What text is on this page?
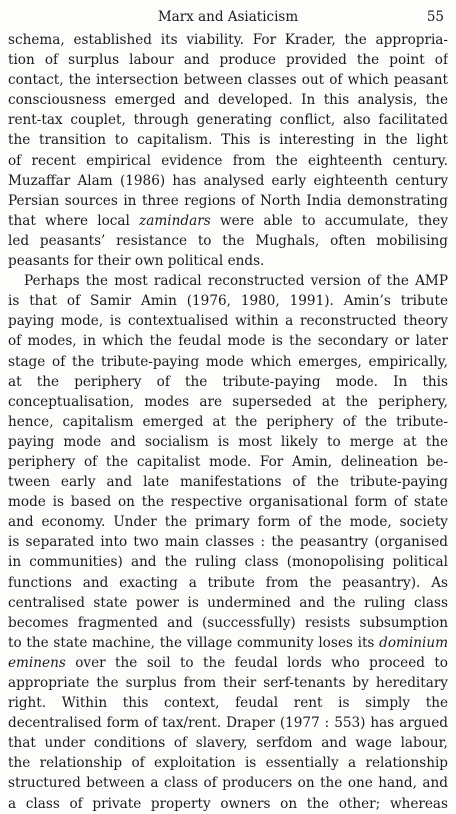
Marx and Asiaticism	55
schema, established its viability. For Krader, the appropria-
tion of surplus labour and produce provided the point of
contact, the intersection between classes out of which peasant
consciousness emerged and developed. In this analysis, the
rent-tax couplet, through generating conflict, also facilitated
the transition to capitalism. This is interesting in the light
of recent empirical evidence from the eighteenth century.
Muzaffar Alam (1986) has analysed early eighteenth century
Persian sources in three regions of North India demonstrating
that where local zamindars were able to accumulate, they
led peasants’ resistance to the Mughals, often mobilising
peasants for their own political ends.
Perhaps the most radical reconstructed version of the AMP
is that of Samir Amin (1976, 1980, 1991). Amin’s tribute
paying mode, is contextualised within a reconstructed theory
of modes, in which the feudal mode is the secondary or later
stage of the tribute-paying mode which emerges, empirically,
at the periphery of the tribute-paying mode. In this
conceptualisation, modes are superseded at the periphery,
hence, capitalism emerged at the periphery of the tribute-
paying mode and socialism is most likely to merge at the
periphery of the capitalist mode. For Amin, delineation be-
tween early and late manifestations of the tribute-paying
mode is based on the respective organisational form of state
and economy. Under the primary form of the mode, society
is separated into two main classes : the peasantry (organised
in communities) and the ruling class (monopolising political
functions and exacting a tribute from the peasantry). As
centralised state power is undermined and the ruling class
becomes fragmented and (successfully) resists subsumption
to the state machine, the village community loses its dominium
eminens over the soil to the feudal lords who proceed to
appropriate the surplus from their serf-tenants by hereditary
right. Within this context, feudal rent is simply the
decentralised form of tax/rent. Draper (1977 : 553) has argued
that under conditions of slavery, serfdom and wage labour,
the relationship of exploitation is essentially a relationship
structured between a class of producers on the one hand, and
a class of private property owners on the other; whereas
